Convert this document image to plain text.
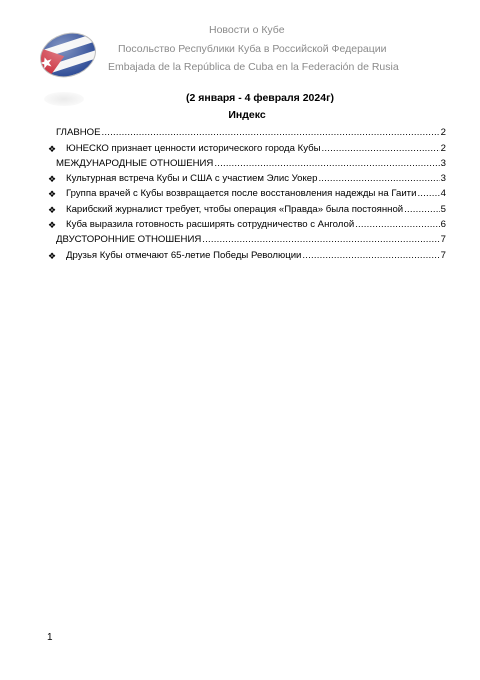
Новости о Кубе
Посольство Республики Куба в Российской Федерации
Embajada de la República de Cuba en la Federación de Rusia
(2 января - 4 февраля 2024г)
Индекс
ГЛАВНОЕ .....	2
❖	ЮНЕСКО признает ценности исторического города Кубы .....	2
МЕЖДУНАРОДНЫЕ ОТНОШЕНИЯ .....	3
❖	Культурная встреча Кубы и США с участием Элис Уокер .....	3
❖	Группа врачей с Кубы возвращается после восстановления надежды на Гаити .....	4
❖	Карибский журналист требует, чтобы операция «Правда» была постоянной .....	5
❖	Куба выразила готовность расширять сотрудничество с Анголой .....	6
ДВУСТОРОННИЕ ОТНОШЕНИЯ .....	7
❖	Друзья Кубы отмечают 65-летие Победы Революции .....	7
1
